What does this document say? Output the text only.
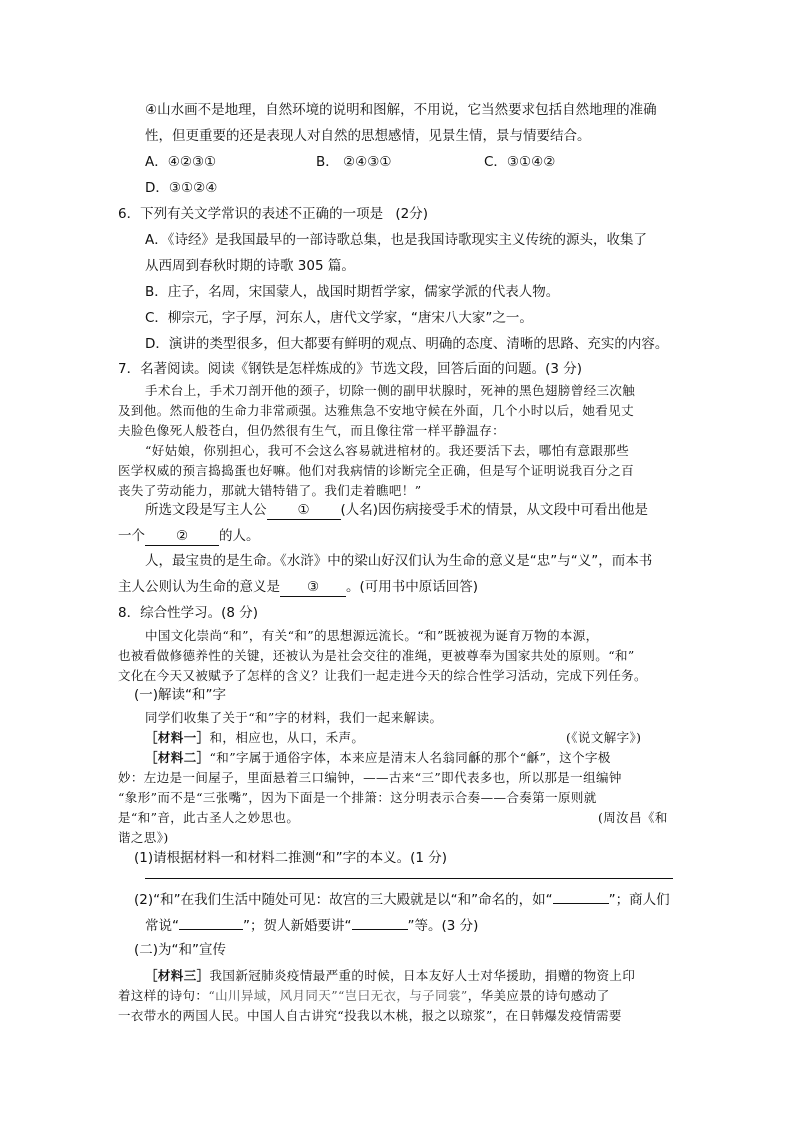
④山水画不是地理，自然环境的说明和图解，不用说，它当然要求包括自然地理的准确
性，但更重要的还是表现人对自然的思想感情，见景生情，景与情要结合。
A．④②③①	B． ②④③①	C．③①④②
D．③①②④
6．下列有关文学常识的表述不正确的一项是 (2分)
A．《诗经》是我国最早的一部诗歌总集，也是我国诗歌现实主义传统的源头，收集了
从西周到春秋时期的诗歌 305 篇。
B．庄子，名周，宋国蒙人，战国时期哲学家，儒家学派的代表人物。
C．柳宗元，字子厚，河东人，唐代文学家，“唐宋八大家”之一。
D．演讲的类型很多，但大都要有鲜明的观点、明确的态度、清晰的思路、充实的内容。
7．名著阅读。阅读《钢铁是怎样炼成的》节选文段，回答后面的问题。(3 分)
手术台上，手术刀剖开他的颈子，切除一侧的副甲状腺时，死神的黑色翅膀曾经三次触
及到他。然而他的生命力非常顽强。达雅焦急不安地守候在外面，几个小时以后，她看见丈
夫脸色像死人般苍白，但仍然很有生气，而且像往常一样平静温存：
“好姑娘，你别担心，我可不会这么容易就进棺材的。我还要活下去，哪怕有意跟那些
医学权威的预言捣捣蛋也好嘛。他们对我病情的诊断完全正确，但是写个证明说我百分之百
丧失了劳动能力，那就大错特错了。我们走着瞧吧！”
所选文段是写主人公 ① (人名)因伤病接受手术的情景，从文段中可看出他是
一个 ② 的人。
人，最宝贵的是生命。《水浒》中的梁山好汉们认为生命的意义是“忠”与“义”，而本书
主人公则认为生命的意义是 ③ 。(可用书中原话回答)
8．综合性学习。(8 分)
中国文化崇尚“和”，有关“和”的思想源远流长。“和”既被视为诞育万物的本源，
也被看做修德养性的关键，还被认为是社会交往的准绳，更被尊奉为国家共处的原则。“和”
文化在今天又被赋予了怎样的含义？让我们一起走进今天的综合性学习活动，完成下列任务。
(一)解读“和”字
同学们收集了关于“和”字的材料，我们一起来解读。
［材料一］和，相应也，从口，禾声。	(《说文解字》)
［材料二］“和”字属于通俗字体，本来应是清末人名翁同龢的那个“龢”，这个字极
妙：左边是一间屋子，里面悬着三口编钟，——古来“三”即代表多也，所以那是一组编钟
“象形”而不是“三张嘴”，因为下面是一个排箫：这分明表示合奏——合奏第一原则就
是“和”音，此古圣人之妙思也。	(周汝昌《和
谐之思》)
(1)请根据材料一和材料二推测“和”字的本义。(1 分)
(2)“和”在我们生活中随处可见：故宫的三大殿就是以“和”命名的，如“	”；商人们
常说“	”；贺人新婚要讲“	”等。(3 分)
(二)为“和”宣传
［材料三］我国新冠肺炎疫情最严重的时候，日本友好人士对华援助，捐赠的物资上印
着这样的诗句：“山川异域，风月同天”“岂曰无衣，与子同裳”，华美应景的诗句感动了
一衣带水的两国人民。中国人自古讲究“投我以木桃，报之以琼浆”，在日韩爆发疫情需要
